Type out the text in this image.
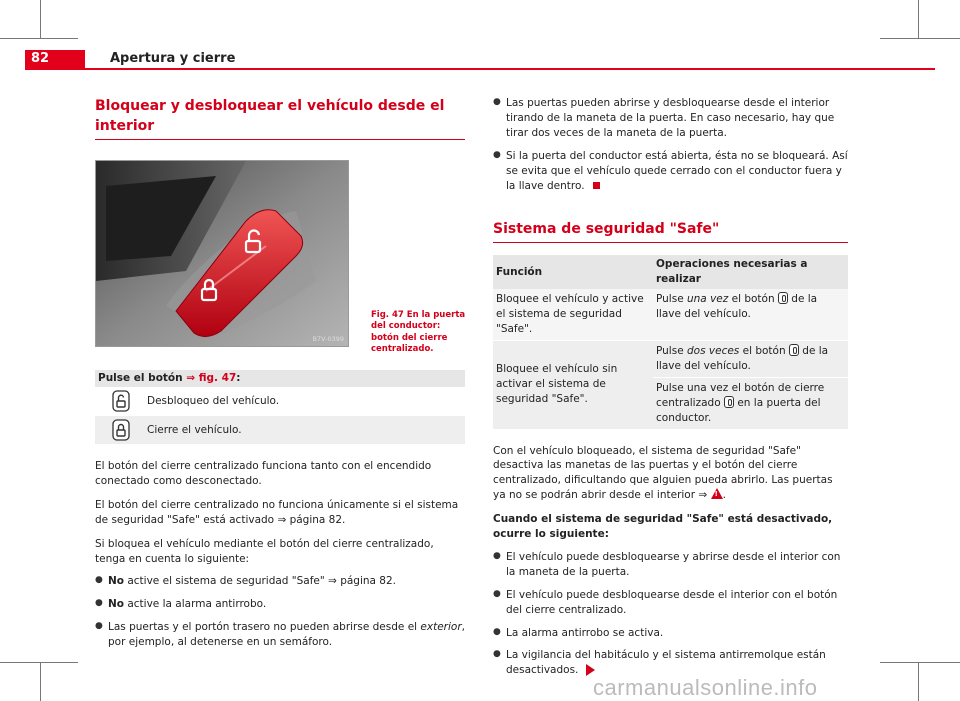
82	Apertura y cierre
Bloquear y desbloquear el vehículo desde el interior
B7V-0399
Fig. 47 En la puerta del conductor: botón del cierre centralizado.
Pulse el botón ⇒ fig. 47:
Desbloqueo del vehículo.
Cierre el vehículo.

El botón del cierre centralizado funciona tanto con el encendido conectado como desconectado.

El botón del cierre centralizado no funciona únicamente si el sistema de seguridad "Safe" está activado ⇒ página 82.

Si bloquea el vehículo mediante el botón del cierre centralizado, tenga en cuenta lo siguiente:

● No active el sistema de seguridad "Safe" ⇒ página 82.
● No active la alarma antirrobo.
● Las puertas y el portón trasero no pueden abrirse desde el exterior, por ejemplo, al detenerse en un semáforo.
● Las puertas pueden abrirse y desbloquearse desde el interior tirando de la maneta de la puerta. En caso necesario, hay que tirar dos veces de la maneta de la puerta.
● Si la puerta del conductor está abierta, ésta no se bloqueará. Así se evita que el vehículo quede cerrado con el conductor fuera y la llave dentro.
Sistema de seguridad "Safe"
Función	Operaciones necesarias a realizar
Bloquee el vehículo y active el sistema de seguridad "Safe".	Pulse una vez el botón  de la llave del vehículo.
Bloquee el vehículo sin activar el sistema de seguridad "Safe".	Pulse dos veces el botón  de la llave del vehículo.
	Pulse una vez el botón de cierre centralizado  en la puerta del conductor.

Con el vehículo bloqueado, el sistema de seguridad "Safe" desactiva las manetas de las puertas y el botón del cierre centralizado, dificultando que alguien pueda abrirlo. Las puertas ya no se podrán abrir desde el interior ⇒ ! .

Cuando el sistema de seguridad "Safe" está desactivado, ocurre lo siguiente:

● El vehículo puede desbloquearse y abrirse desde el interior con la maneta de la puerta.
● El vehículo puede desbloquearse desde el interior con el botón del cierre centralizado.
● La alarma antirrobo se activa.
● La vigilancia del habitáculo y el sistema antirremolque están desactivados.
carmanualsonline.info
